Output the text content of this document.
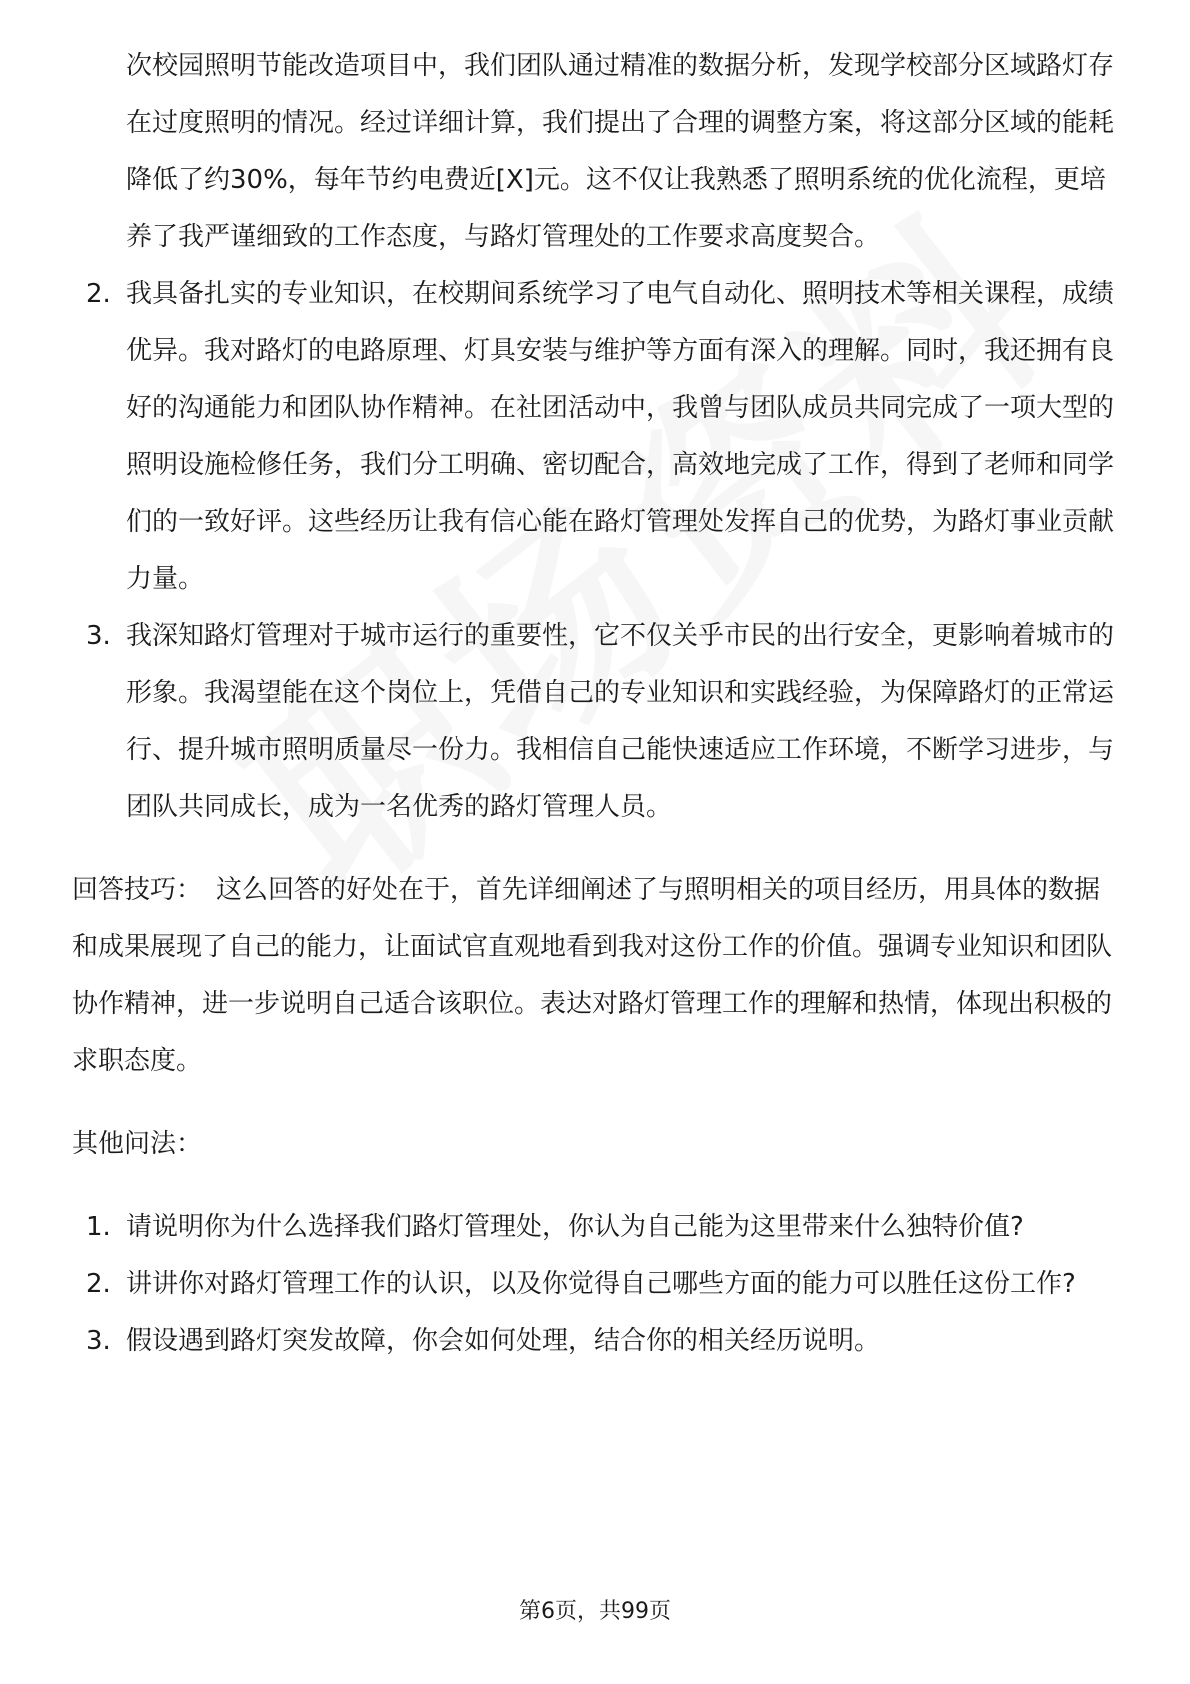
次校园照明节能改造项目中，我们团队通过精准的数据分析，发现学校部分区域路灯存在过度照明的情况。经过详细计算，我们提出了合理的调整方案，将这部分区域的能耗降低了约30%，每年节约电费近[X]元。这不仅让我熟悉了照明系统的优化流程，更培养了我严谨细致的工作态度，与路灯管理处的工作要求高度契合。
2. 我具备扎实的专业知识，在校期间系统学习了电气自动化、照明技术等相关课程，成绩优异。我对路灯的电路原理、灯具安装与维护等方面有深入的理解。同时，我还拥有良好的沟通能力和团队协作精神。在社团活动中，我曾与团队成员共同完成了一项大型的照明设施检修任务，我们分工明确、密切配合，高效地完成了工作，得到了老师和同学们的一致好评。这些经历让我有信心能在路灯管理处发挥自己的优势，为路灯事业贡献力量。
3. 我深知路灯管理对于城市运行的重要性，它不仅关乎市民的出行安全，更影响着城市的形象。我渴望能在这个岗位上，凭借自己的专业知识和实践经验，为保障路灯的正常运行、提升城市照明质量尽一份力。我相信自己能快速适应工作环境，不断学习进步，与团队共同成长，成为一名优秀的路灯管理人员。
回答技巧： 这么回答的好处在于，首先详细阐述了与照明相关的项目经历，用具体的数据和成果展现了自己的能力，让面试官直观地看到我对这份工作的价值。强调专业知识和团队协作精神，进一步说明自己适合该职位。表达对路灯管理工作的理解和热情，体现出积极的求职态度。
其他问法：
1. 请说明你为什么选择我们路灯管理处，你认为自己能为这里带来什么独特价值?
2. 讲讲你对路灯管理工作的认识，以及你觉得自己哪些方面的能力可以胜任这份工作?
3. 假设遇到路灯突发故障，你会如何处理，结合你的相关经历说明。
第6页，共99页
